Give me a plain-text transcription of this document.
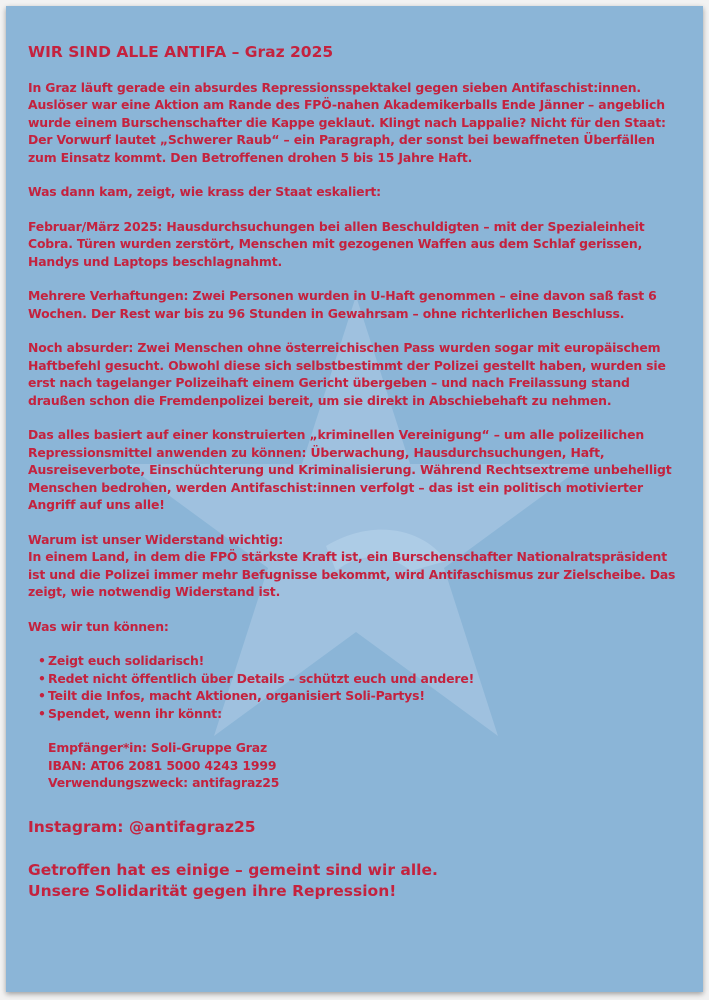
WIR SIND ALLE ANTIFA – Graz 2025

In Graz läuft gerade ein absurdes Repressionsspektakel gegen sieben Antifaschist:innen. Auslöser war eine Aktion am Rande des FPÖ-nahen Akademikerballs Ende Jänner – angeblich wurde einem Burschenschafter die Kappe geklaut. Klingt nach Lappalie? Nicht für den Staat: Der Vorwurf lautet „Schwerer Raub“ – ein Paragraph, der sonst bei bewaffneten Überfällen zum Einsatz kommt. Den Betroffenen drohen 5 bis 15 Jahre Haft.

Was dann kam, zeigt, wie krass der Staat eskaliert:

Februar/März 2025: Hausdurchsuchungen bei allen Beschuldigten – mit der Spezialeinheit Cobra. Türen wurden zerstört, Menschen mit gezogenen Waffen aus dem Schlaf gerissen, Handys und Laptops beschlagnahmt.

Mehrere Verhaftungen: Zwei Personen wurden in U-Haft genommen – eine davon saß fast 6 Wochen. Der Rest war bis zu 96 Stunden in Gewahrsam – ohne richterlichen Beschluss.

Noch absurder: Zwei Menschen ohne österreichischen Pass wurden sogar mit europäischem Haftbefehl gesucht. Obwohl diese sich selbstbestimmt der Polizei gestellt haben, wurden sie erst nach tagelanger Polizeihaft einem Gericht übergeben – und nach Freilassung stand draußen schon die Fremdenpolizei bereit, um sie direkt in Abschiebehaft zu nehmen.

Das alles basiert auf einer konstruierten „kriminellen Vereinigung“ – um alle polizeilichen Repressionsmittel anwenden zu können: Überwachung, Hausdurchsuchungen, Haft, Ausreiseverbote, Einschüchterung und Kriminalisierung. Während Rechtsextreme unbehelligt Menschen bedrohen, werden Antifaschist:innen verfolgt – das ist ein politisch motivierter Angriff auf uns alle!

Warum ist unser Widerstand wichtig:
In einem Land, in dem die FPÖ stärkste Kraft ist, ein Burschenschafter Nationalratspräsident ist und die Polizei immer mehr Befugnisse bekommt, wird Antifaschismus zur Zielscheibe. Das zeigt, wie notwendig Widerstand ist.

Was wir tun können:

• Zeigt euch solidarisch!
• Redet nicht öffentlich über Details – schützt euch und andere!
• Teilt die Infos, macht Aktionen, organisiert Soli-Partys!
• Spendet, wenn ihr könnt:
Empfänger*in: Soli-Gruppe Graz
IBAN: AT06 2081 5000 4243 1999
Verwendungszweck: antifagraz25
Instagram: @antifagraz25
Getroffen hat es einige – gemeint sind wir alle.
Unsere Solidarität gegen ihre Repression!
